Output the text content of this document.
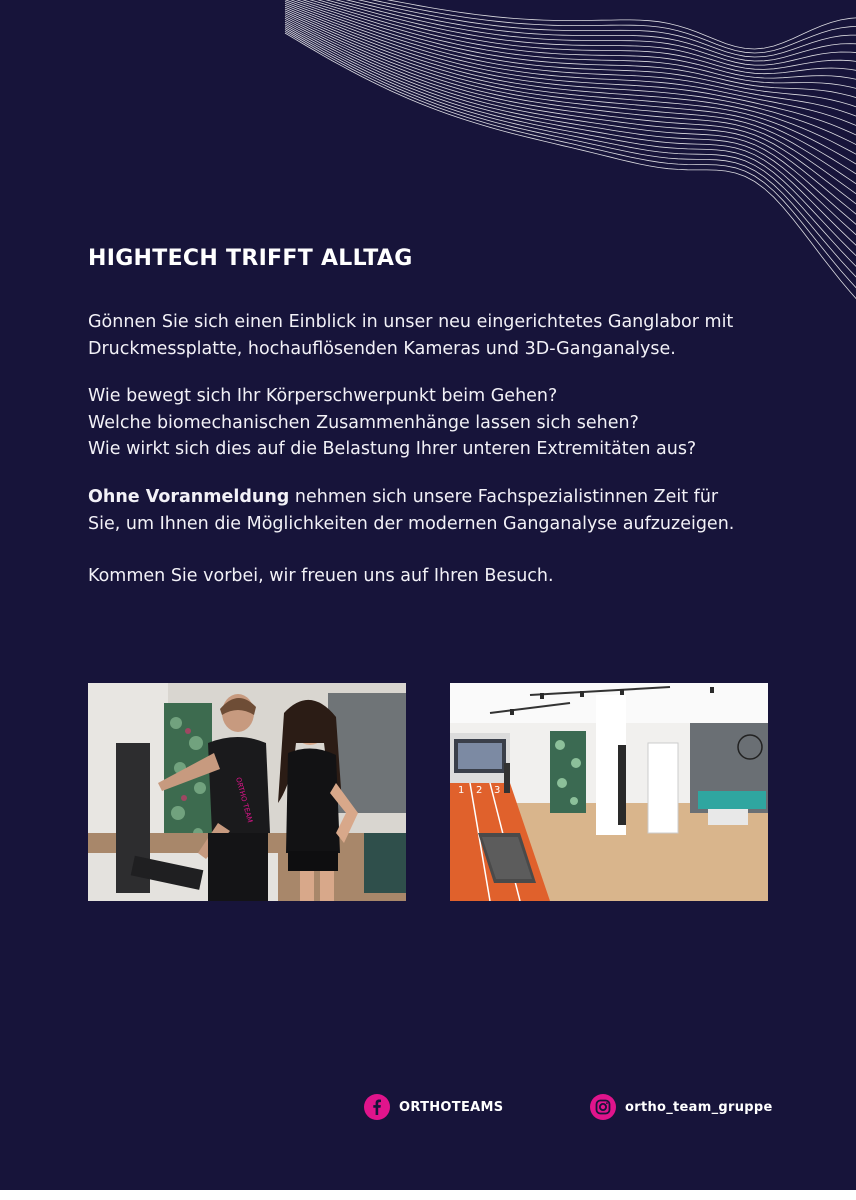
HIGHTECH TRIFFT ALLTAG

Gönnen Sie sich einen Einblick in unser neu eingerichtetes Ganglabor mit
Druckmessplatte, hochauflösenden Kameras und 3D-Ganganalyse.

Wie bewegt sich Ihr Körperschwerpunkt beim Gehen?
Welche biomechanischen Zusammenhänge lassen sich sehen?
Wie wirkt sich dies auf die Belastung Ihrer unteren Extremitäten aus?

Ohne Voranmeldung nehmen sich unsere Fachspezialistinnen Zeit für
Sie, um Ihnen die Möglichkeiten der modernen Ganganalyse aufzuzeigen.

Kommen Sie vorbei, wir freuen uns auf Ihren Besuch.

ORTHO TEAM	1 2 3
ORTHOTEAMS	ortho_team_gruppe
